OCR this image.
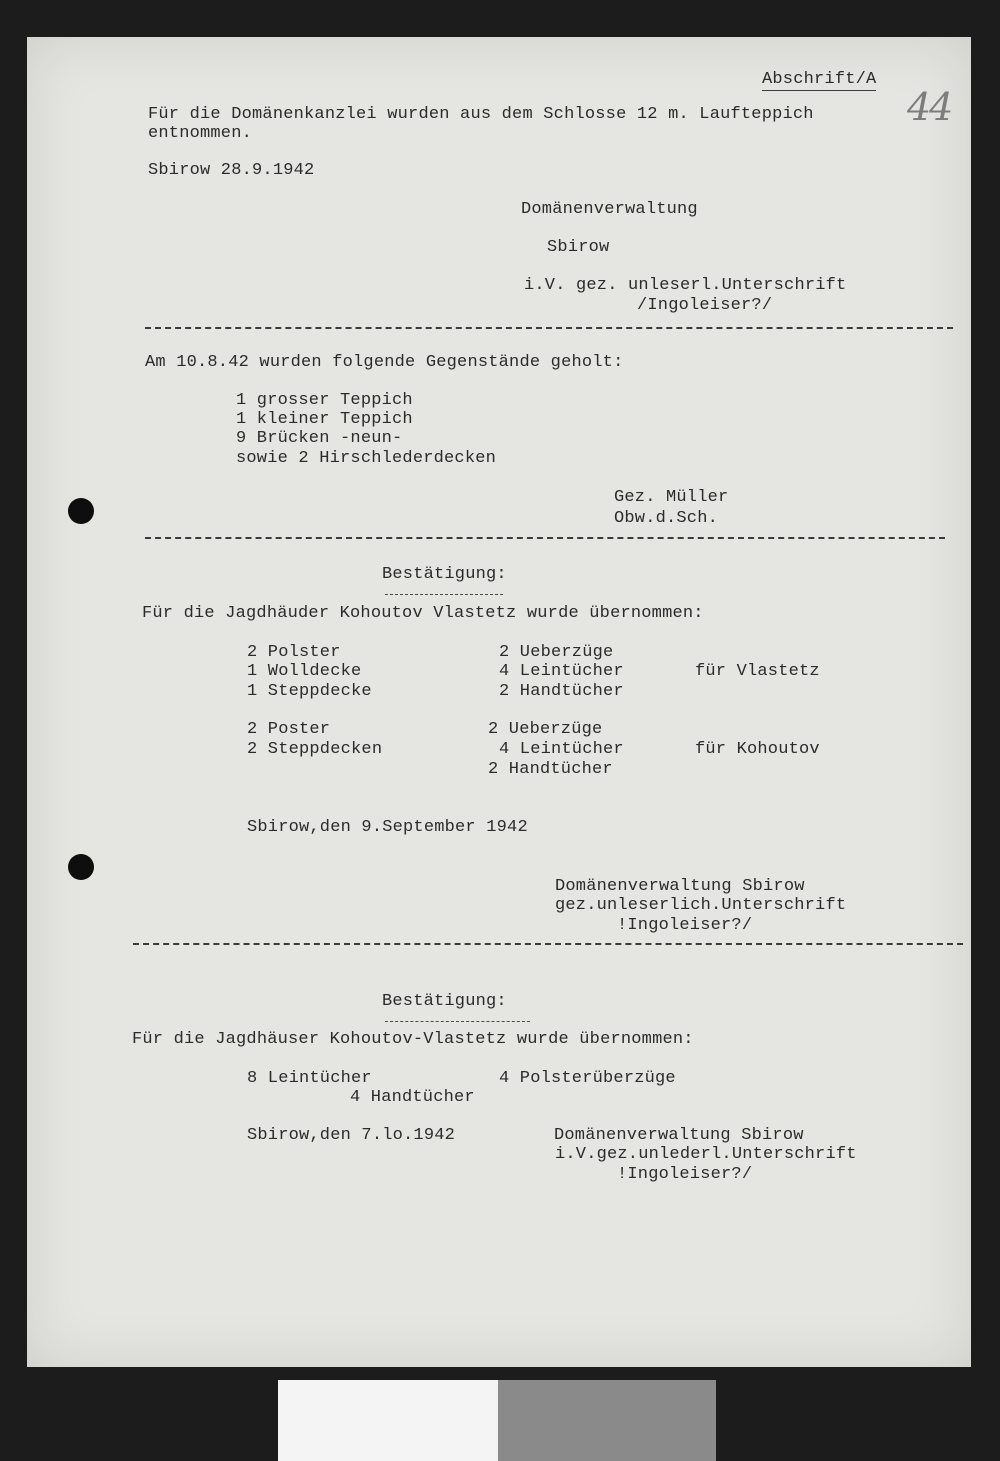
Abschrift/A
44
Für die Domänenkanzlei wurden aus dem Schlosse 12 m. Laufteppich
entnommen.
Sbirow 28.9.1942
Domänenverwaltung
Sbirow
i.V. gez. unleserl.Unterschrift
/Ingoleiser?/
Am 10.8.42 wurden folgende Gegenstände geholt:
1 grosser Teppich
1 kleiner Teppich
9 Brücken -neun-
sowie 2 Hirschlederdecken
Gez. Müller
Obw.d.Sch.
Bestätigung:
Für die Jagdhäuder Kohoutov Vlastetz wurde übernommen:
2 Polster
1 Wolldecke
1 Steppdecke
2 Ueberzüge
4 Leintücher
2 Handtücher
für Vlastetz
2 Poster
2 Steppdecken
2 Ueberzüge
4 Leintücher
2 Handtücher
für Kohoutov
Sbirow,den 9.September 1942
Domänenverwaltung Sbirow
gez.unleserlich.Unterschrift
!Ingoleiser?/
Bestätigung:
Für die Jagdhäuser Kohoutov-Vlastetz wurde übernommen:
8 Leintücher	4 Polsterüberzüge
4 Handtücher
Sbirow,den 7.lo.1942	Domänenverwaltung Sbirow
i.V.gez.unlederl.Unterschrift
!Ingoleiser?/
